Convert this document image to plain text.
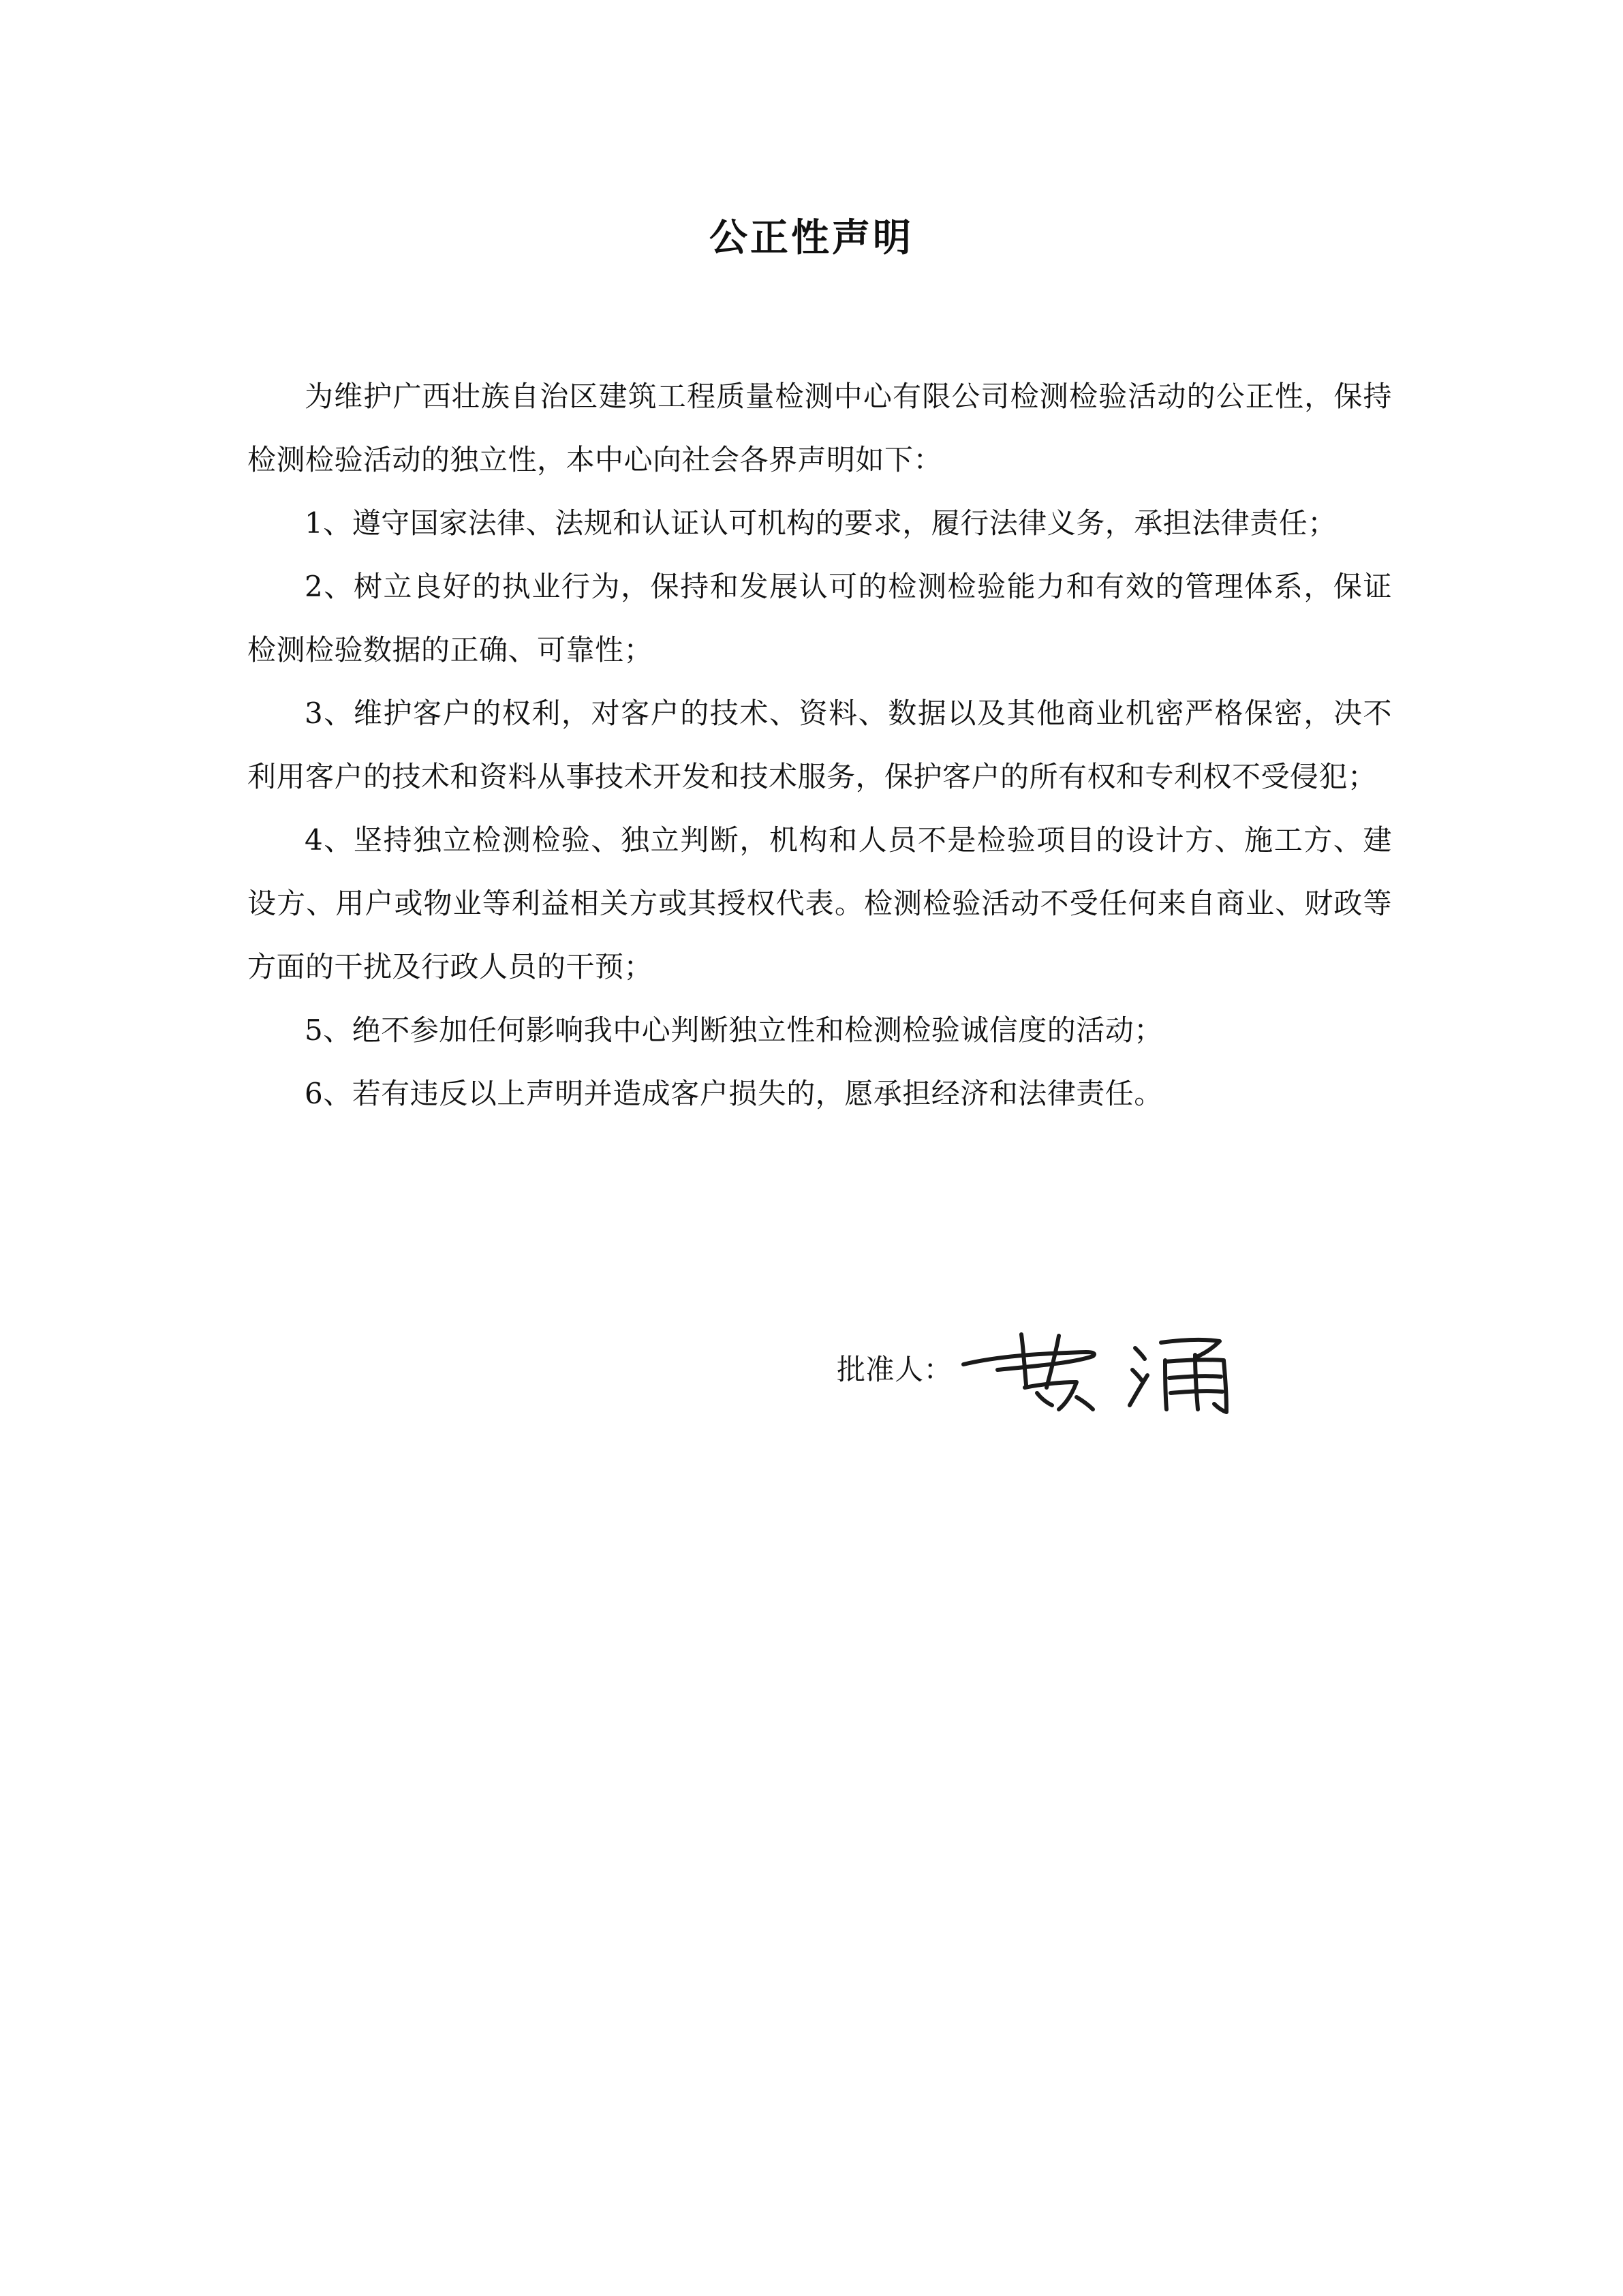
公正性声明

为维护广西壮族自治区建筑工程质量检测中心有限公司检测检验活动的公正性，保持检测检验活动的独立性，本中心向社会各界声明如下：

1、遵守国家法律、法规和认证认可机构的要求，履行法律义务，承担法律责任；

2、树立良好的执业行为，保持和发展认可的检测检验能力和有效的管理体系，保证检测检验数据的正确、可靠性；

3、维护客户的权利，对客户的技术、资料、数据以及其他商业机密严格保密，决不利用客户的技术和资料从事技术开发和技术服务，保护客户的所有权和专利权不受侵犯；

4、坚持独立检测检验、独立判断，机构和人员不是检验项目的设计方、施工方、建设方、用户或物业等利益相关方或其授权代表。检测检验活动不受任何来自商业、财政等方面的干扰及行政人员的干预；

5、绝不参加任何影响我中心判断独立性和检测检验诚信度的活动；

6、若有违反以上声明并造成客户损失的，愿承担经济和法律责任。

批准人：
